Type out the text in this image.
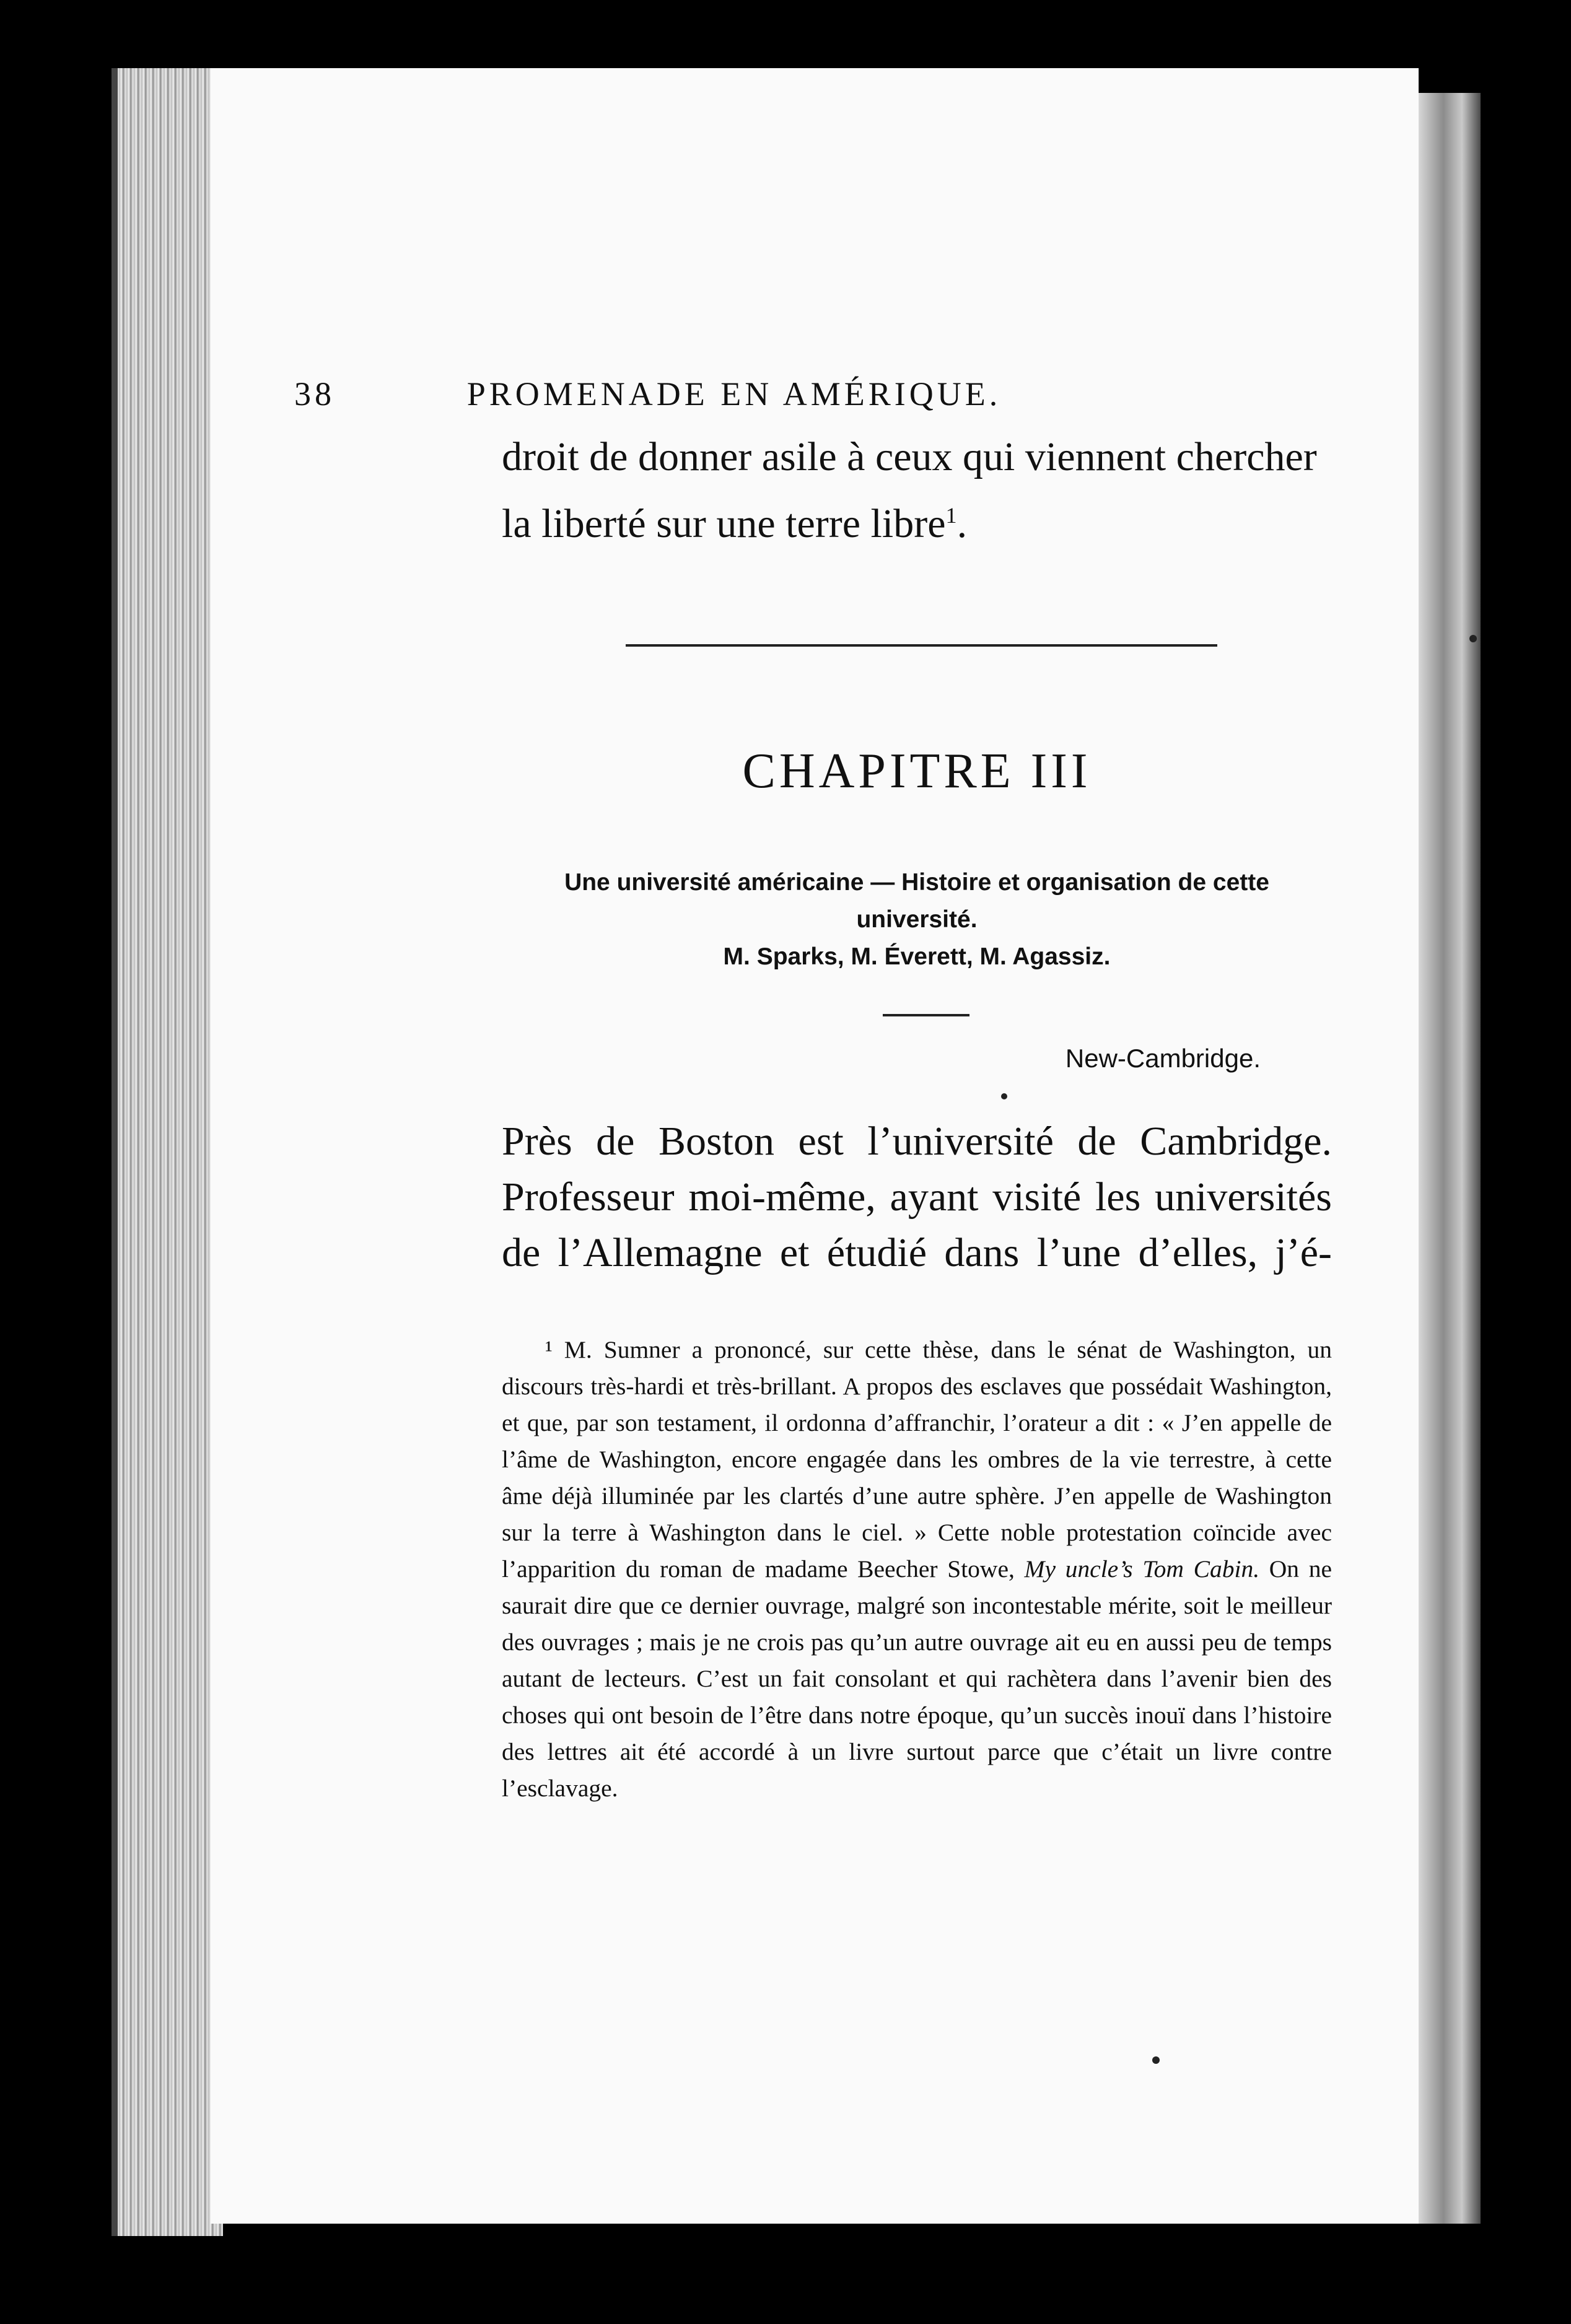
38	PROMENADE EN AMÉRIQUE.

droit de donner asile à ceux qui viennent chercher

la liberté sur une terre libre$^1$.

CHAPITRE III
Une université américaine — Histoire et organisation de cette université.
M. Sparks, M. Éverett, M. Agassiz.
New-Cambridge.

Près de Boston est l’université de Cambridge.

Professeur moi-même, ayant visité les universités

de l’Allemagne et étudié dans l’une d’elles, j’é-

¹ M. Sumner a prononcé, sur cette thèse, dans le sénat de Washington, un discours très-hardi et très-brillant. A propos des esclaves que possédait Washington, et que, par son testament, il ordonna d’affranchir, l’orateur a dit : « J’en appelle de l’âme de Washington, encore engagée dans les ombres de la vie terrestre, à cette âme déjà illuminée par les clartés d’une autre sphère. J’en appelle de Washington sur la terre à Washington dans le ciel. » Cette noble protestation coïncide avec l’apparition du roman de madame Beecher Stowe, My uncle’s Tom Cabin. On ne saurait dire que ce dernier ouvrage, malgré son incontestable mérite, soit le meilleur des ouvrages ; mais je ne crois pas qu’un autre ouvrage ait eu en aussi peu de temps autant de lecteurs. C’est un fait consolant et qui rachètera dans l’avenir bien des choses qui ont besoin de l’être dans notre époque, qu’un succès inouï dans l’histoire des lettres ait été accordé à un livre surtout parce que c’était un livre contre l’esclavage.
